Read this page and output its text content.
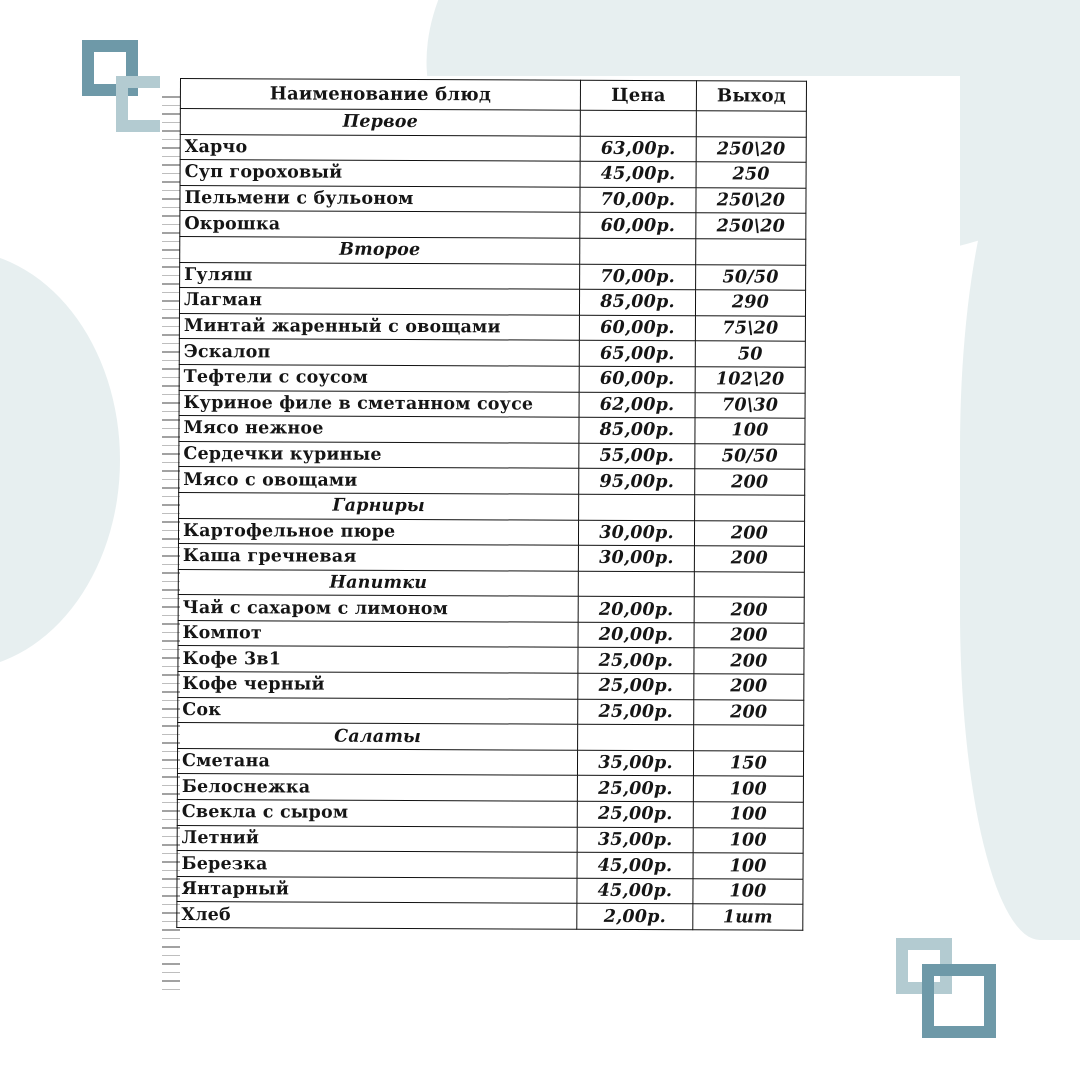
Наименование блюд	Цена	Выход
Первое		
Харчо	63,00р.	250\20
Суп гороховый	45,00р.	250
Пельмени с бульоном	70,00р.	250\20
Окрошка	60,00р.	250\20
Второе		
Гуляш	70,00р.	50/50
Лагман	85,00р.	290
Минтай жаренный с овощами	60,00р.	75\20
Эскалоп	65,00р.	50
Тефтели с соусом	60,00р.	102\20
Куриное филе в сметанном соусе	62,00р.	70\30
Мясо нежное	85,00р.	100
Сердечки куриные	55,00р.	50/50
Мясо с овощами	95,00р.	200
Гарниры		
Картофельное пюре	30,00р.	200
Каша гречневая	30,00р.	200
Напитки		
Чай с сахаром с лимоном	20,00р.	200
Компот	20,00р.	200
Кофе 3в1	25,00р.	200
Кофе черный	25,00р.	200
Сок	25,00р.	200
Салаты		
Сметана	35,00р.	150
Белоснежка	25,00р.	100
Свекла с сыром	25,00р.	100
Летний	35,00р.	100
Березка	45,00р.	100
Янтарный	45,00р.	100
Хлеб	2,00р.	1шт
